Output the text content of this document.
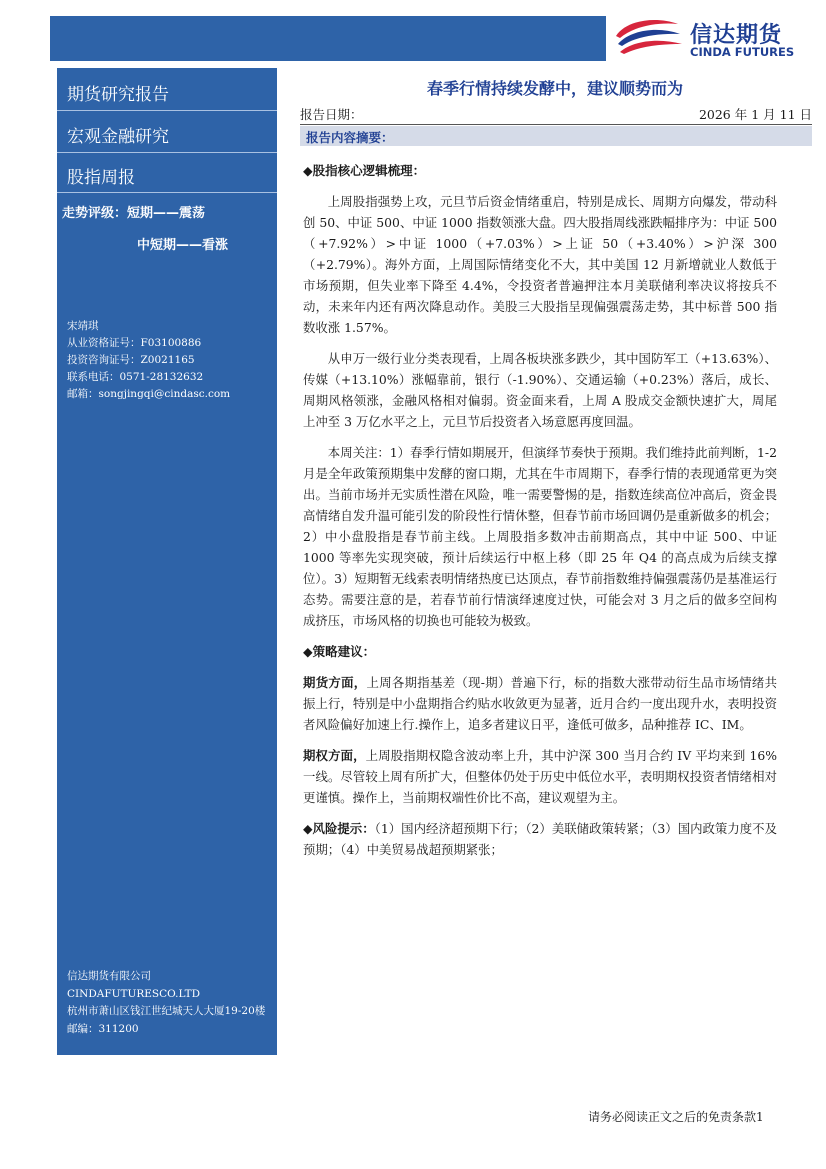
信达期货
CINDA FUTURES
期货研究报告
宏观金融研究
股指周报
走势评级：短期——震荡
中短期——看涨
宋靖琪
从业资格证号：F03100886
投资咨询证号：Z0021165
联系电话：0571-28132632
邮箱：songjingqi@cindasc.com
信达期货有限公司
CINDAFUTURESCO.LTD
杭州市萧山区钱江世纪城天人大厦19-20楼
邮编：311200
春季行情持续发酵中，建议顺势而为
报告日期：	2026 年 1 月 11 日
报告内容摘要：

◆股指核心逻辑梳理：

上周股指强势上攻，元旦节后资金情绪重启，特别是成长、周期方向爆发，带动科创 50、中证 500、中证 1000 指数领涨大盘。四大股指周线涨跌幅排序为：中证 500（+7.92%）>中证 1000（+7.03%）>上证 50（+3.40%）>沪深 300（+2.79%）。海外方面，上周国际情绪变化不大，其中美国 12 月新增就业人数低于市场预期，但失业率下降至 4.4%，令投资者普遍押注本月美联储利率决议将按兵不动，未来年内还有两次降息动作。美股三大股指呈现偏强震荡走势，其中标普 500 指数收涨 1.57%。

从申万一级行业分类表现看，上周各板块涨多跌少，其中国防军工（+13.63%）、传媒（+13.10%）涨幅靠前，银行（-1.90%）、交通运输（+0.23%）落后，成长、周期风格领涨，金融风格相对偏弱。资金面来看，上周 A 股成交金额快速扩大，周尾上冲至 3 万亿水平之上，元旦节后投资者入场意愿再度回温。

本周关注：1）春季行情如期展开，但演绎节奏快于预期。我们维持此前判断，1-2 月是全年政策预期集中发酵的窗口期，尤其在牛市周期下，春季行情的表现通常更为突出。当前市场并无实质性潜在风险，唯一需要警惕的是，指数连续高位冲高后，资金畏高情绪自发升温可能引发的阶段性行情休整，但春节前市场回调仍是重新做多的机会；2）中小盘股指是春节前主线。上周股指多数冲击前期高点，其中中证 500、中证 1000 等率先实现突破，预计后续运行中枢上移（即 25 年 Q4 的高点成为后续支撑位）。3）短期暂无线索表明情绪热度已达顶点，春节前指数维持偏强震荡仍是基准运行态势。需要注意的是，若春节前行情演绎速度过快，可能会对 3 月之后的做多空间构成挤压，市场风格的切换也可能较为极致。

◆策略建议：

期货方面，上周各期指基差（现-期）普遍下行，标的指数大涨带动衍生品市场情绪共振上行，特别是中小盘期指合约贴水收敛更为显著，近月合约一度出现升水，表明投资者风险偏好加速上行.操作上，追多者建议日平，逢低可做多，品种推荐 IC、IM。

期权方面，上周股指期权隐含波动率上升，其中沪深 300 当月合约 IV 平均来到 16%一线。尽管较上周有所扩大，但整体仍处于历史中低位水平，表明期权投资者情绪相对更谨慎。操作上，当前期权端性价比不高，建议观望为主。

◆风险提示：（1）国内经济超预期下行；（2）美联储政策转紧；（3）国内政策力度不及预期；（4）中美贸易战超预期紧张；

请务必阅读正文之后的免责条款1
